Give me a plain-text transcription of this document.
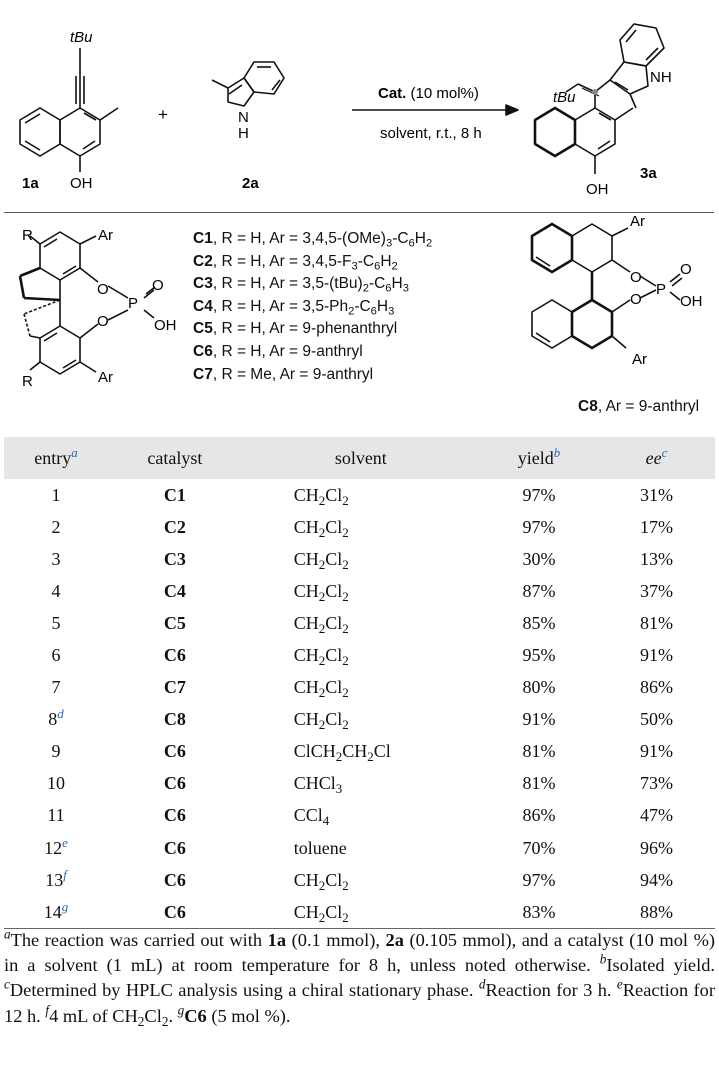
tBu
1a OH
+	N
H
2a
Cat. (10 mol%)
solvent, r.t., 8 h
tBu
NH
3a
OH
R	Ar
O
P
O
OH
O
Ar
R
Ar
O
P
O
OH
O
Ar
C1, R = H, $Ar = 3,4,5-(OMe)_3-C_6H_2$
C2, R = H, $Ar = 3,4,5-F_3-C_6H_2$
C3, R = H, $Ar = 3,5-(tBu)_2-C_6H_3$
C4, R = H, $Ar = 3,5-Ph_2-C_6H_3$
C5, R = H, Ar = 9-phenanthryl
C6, R = H, Ar = 9-anthryl
C7, R = Me, Ar = 9-anthryl
C8, Ar = 9-anthryl
entry$^a$	catalyst	solvent	yield$^b$	$ee^c$
1	C1	$CH_2Cl_2$	97%	31%
2	C2	$CH_2Cl_2$	97%	17%
3	C3	$CH_2Cl_2$	30%	13%
4	C4	$CH_2Cl_2$	87%	37%
5	C5	$CH_2Cl_2$	85%	81%
6	C6	$CH_2Cl_2$	95%	91%
7	C7	$CH_2Cl_2$	80%	86%
8$^d$	C8	$CH_2Cl_2$	91%	50%
9	C6	$ClCH_2CH_2Cl$	81%	91%
10	C6	CHCl$_3$	81%	73%
11	C6	CCl$_4$	86%	47%
12e	C6	toluene	70%	96%
13$^f$	C6	$CH_2Cl_2$	97%	94%
14$^g$	C6	$CH_2Cl_2$	83%	88%
$^a$The reaction was carried out with 1a (0.1 mmol), 2a (0.105 mmol), and a catalyst (10 mol %) in a solvent (1 mL) at room temperature for 8 h, unless noted otherwise. $^b$Isolated yield. $^c$Determined by HPLC analysis using a chiral stationary phase. $^d$Reaction for 3 h. $^e$Reaction for 12 h. $^f$4 mL of $CH_2Cl_2$. $^g$C6 (5 mol %).
